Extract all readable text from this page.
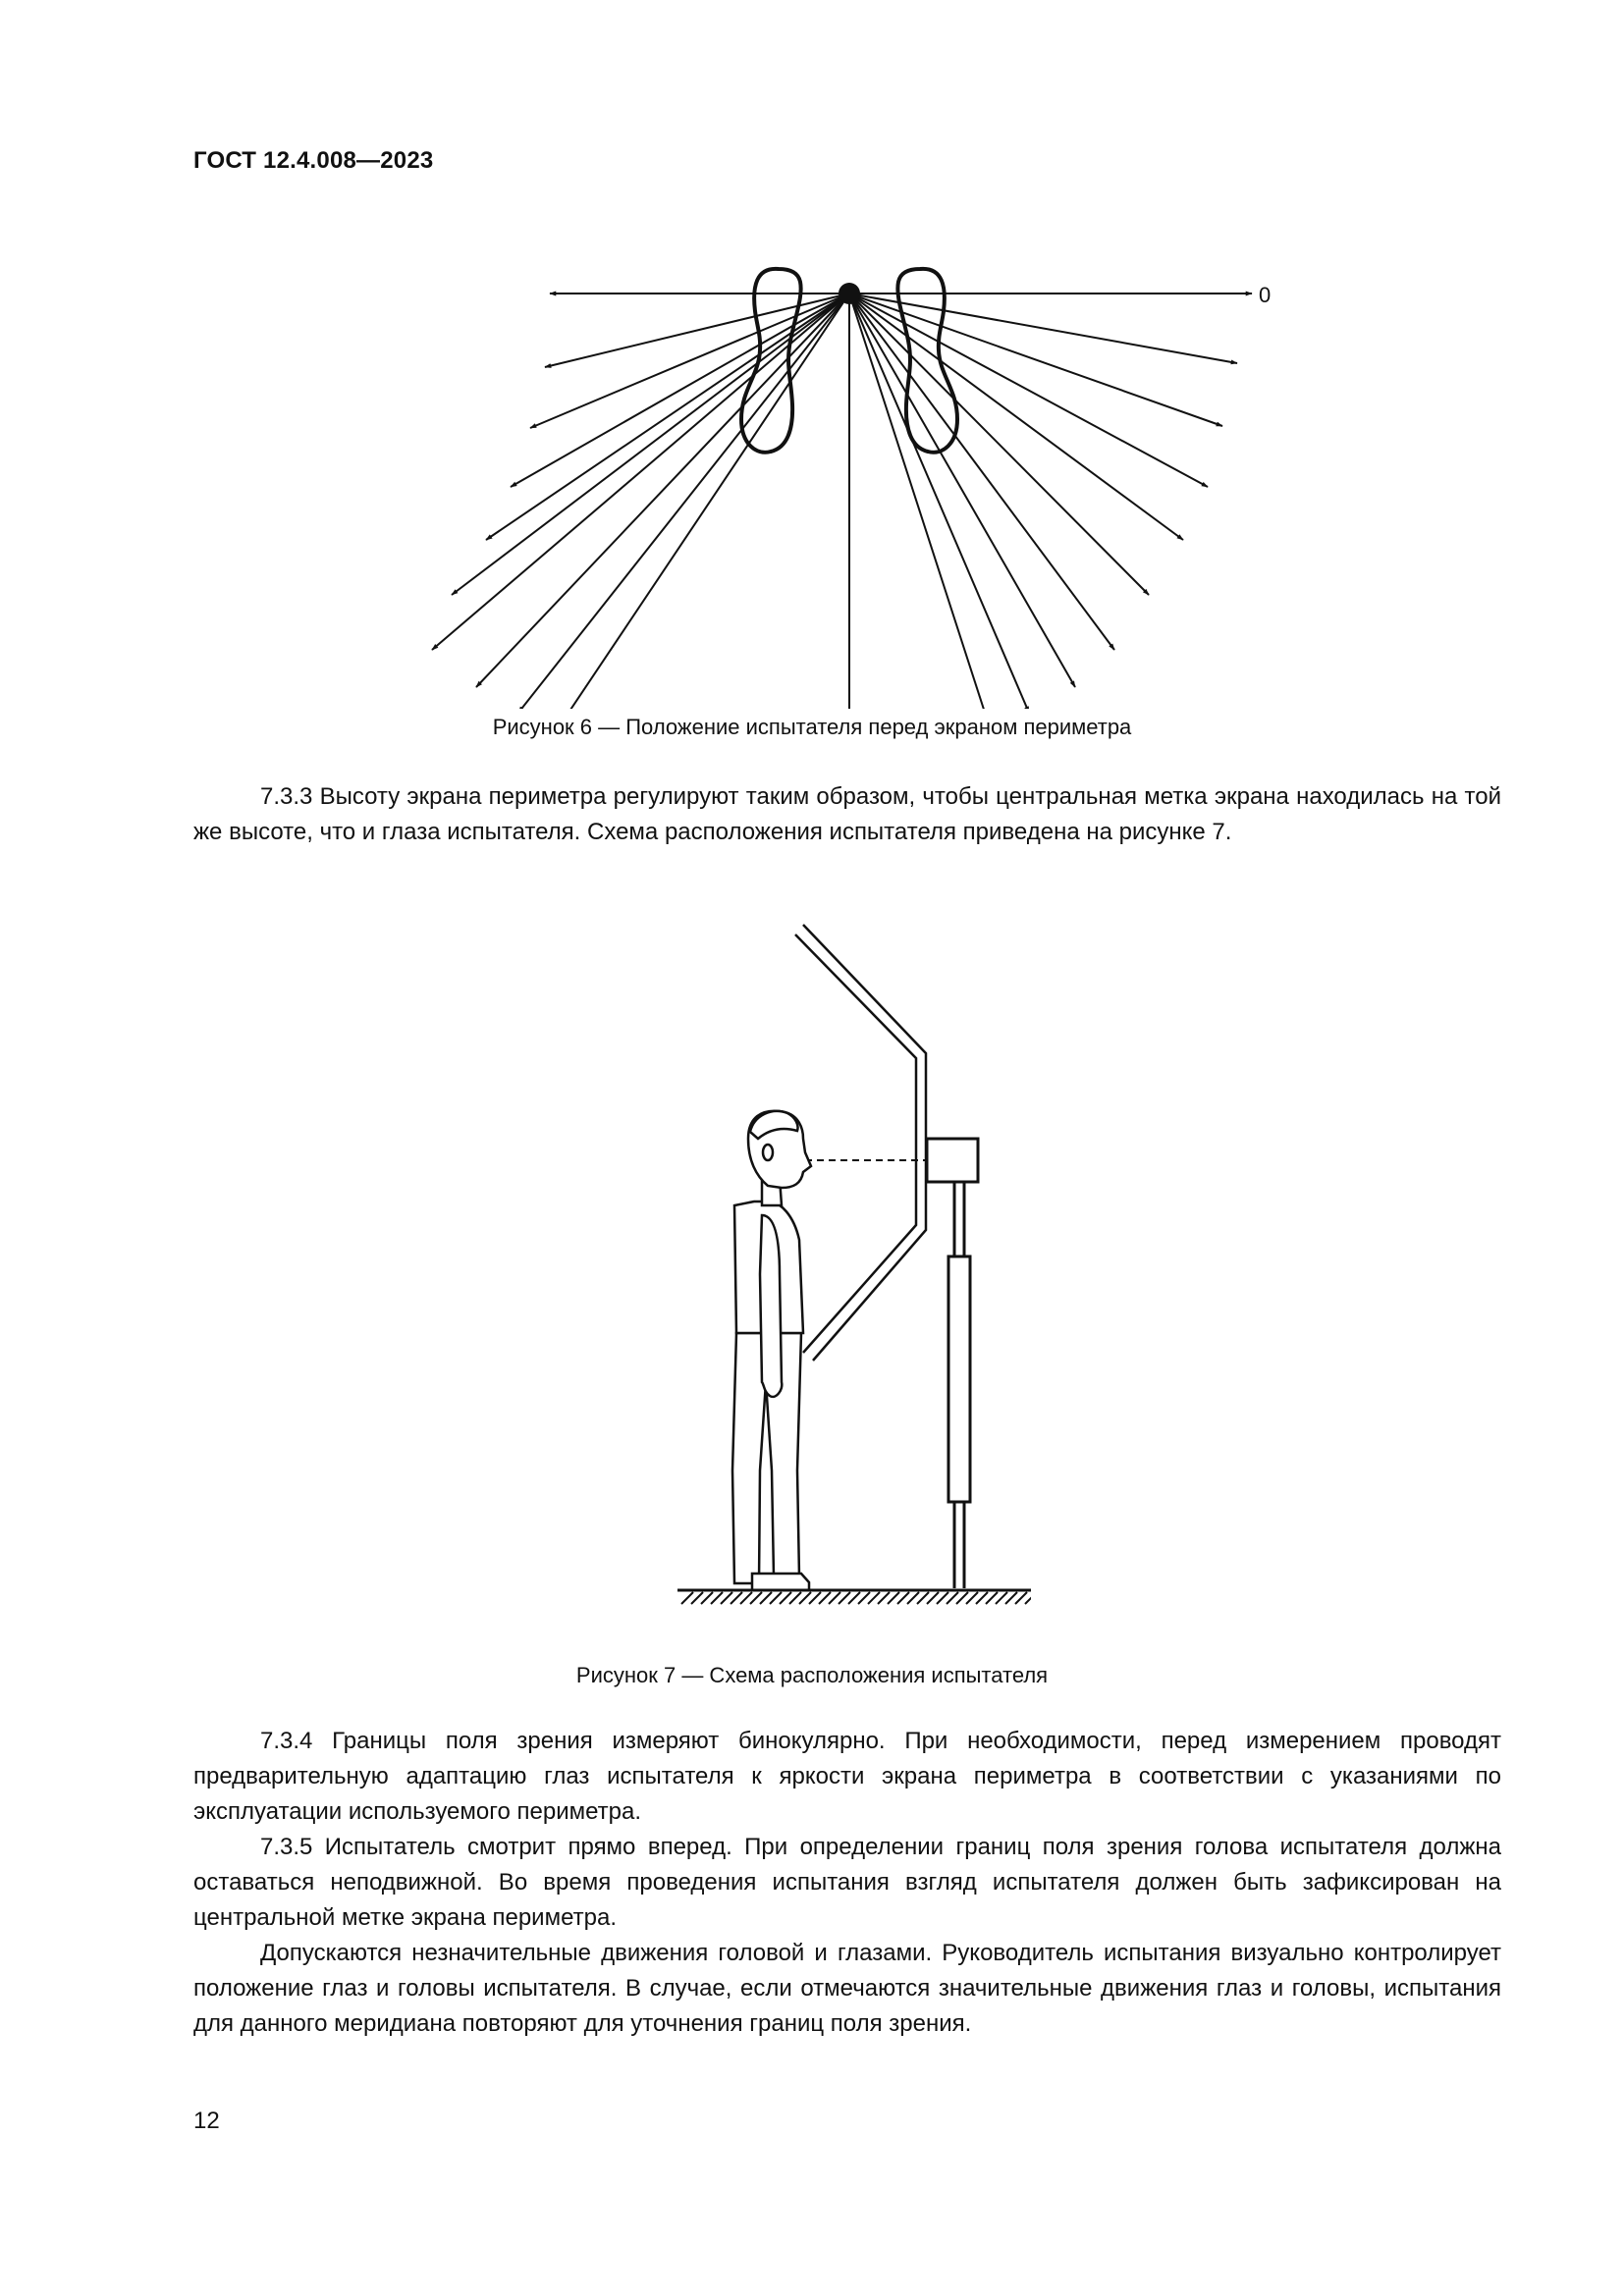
ГОСТ 12.4.008—2023
0
Рисунок 6 — Положение испытателя перед экраном периметра
7.3.3 Высоту экрана периметра регулируют таким образом, чтобы центральная метка экрана находилась на той же высоте, что и глаза испытателя. Схема расположения испытателя приведена на рисунке 7.
Рисунок 7 — Схема расположения испытателя
7.3.4 Границы поля зрения измеряют бинокулярно. При необходимости, перед измерением проводят предварительную адаптацию глаз испытателя к яркости экрана периметра в соответствии с указаниями по эксплуатации используемого периметра.
7.3.5 Испытатель смотрит прямо вперед. При определении границ поля зрения голова испытателя должна оставаться неподвижной. Во время проведения испытания взгляд испытателя должен быть зафиксирован на центральной метке экрана периметра.
Допускаются незначительные движения головой и глазами. Руководитель испытания визуально контролирует положение глаз и головы испытателя. В случае, если отмечаются значительные движения глаз и головы, испытания для данного меридиана повторяют для уточнения границ поля зрения.
12
